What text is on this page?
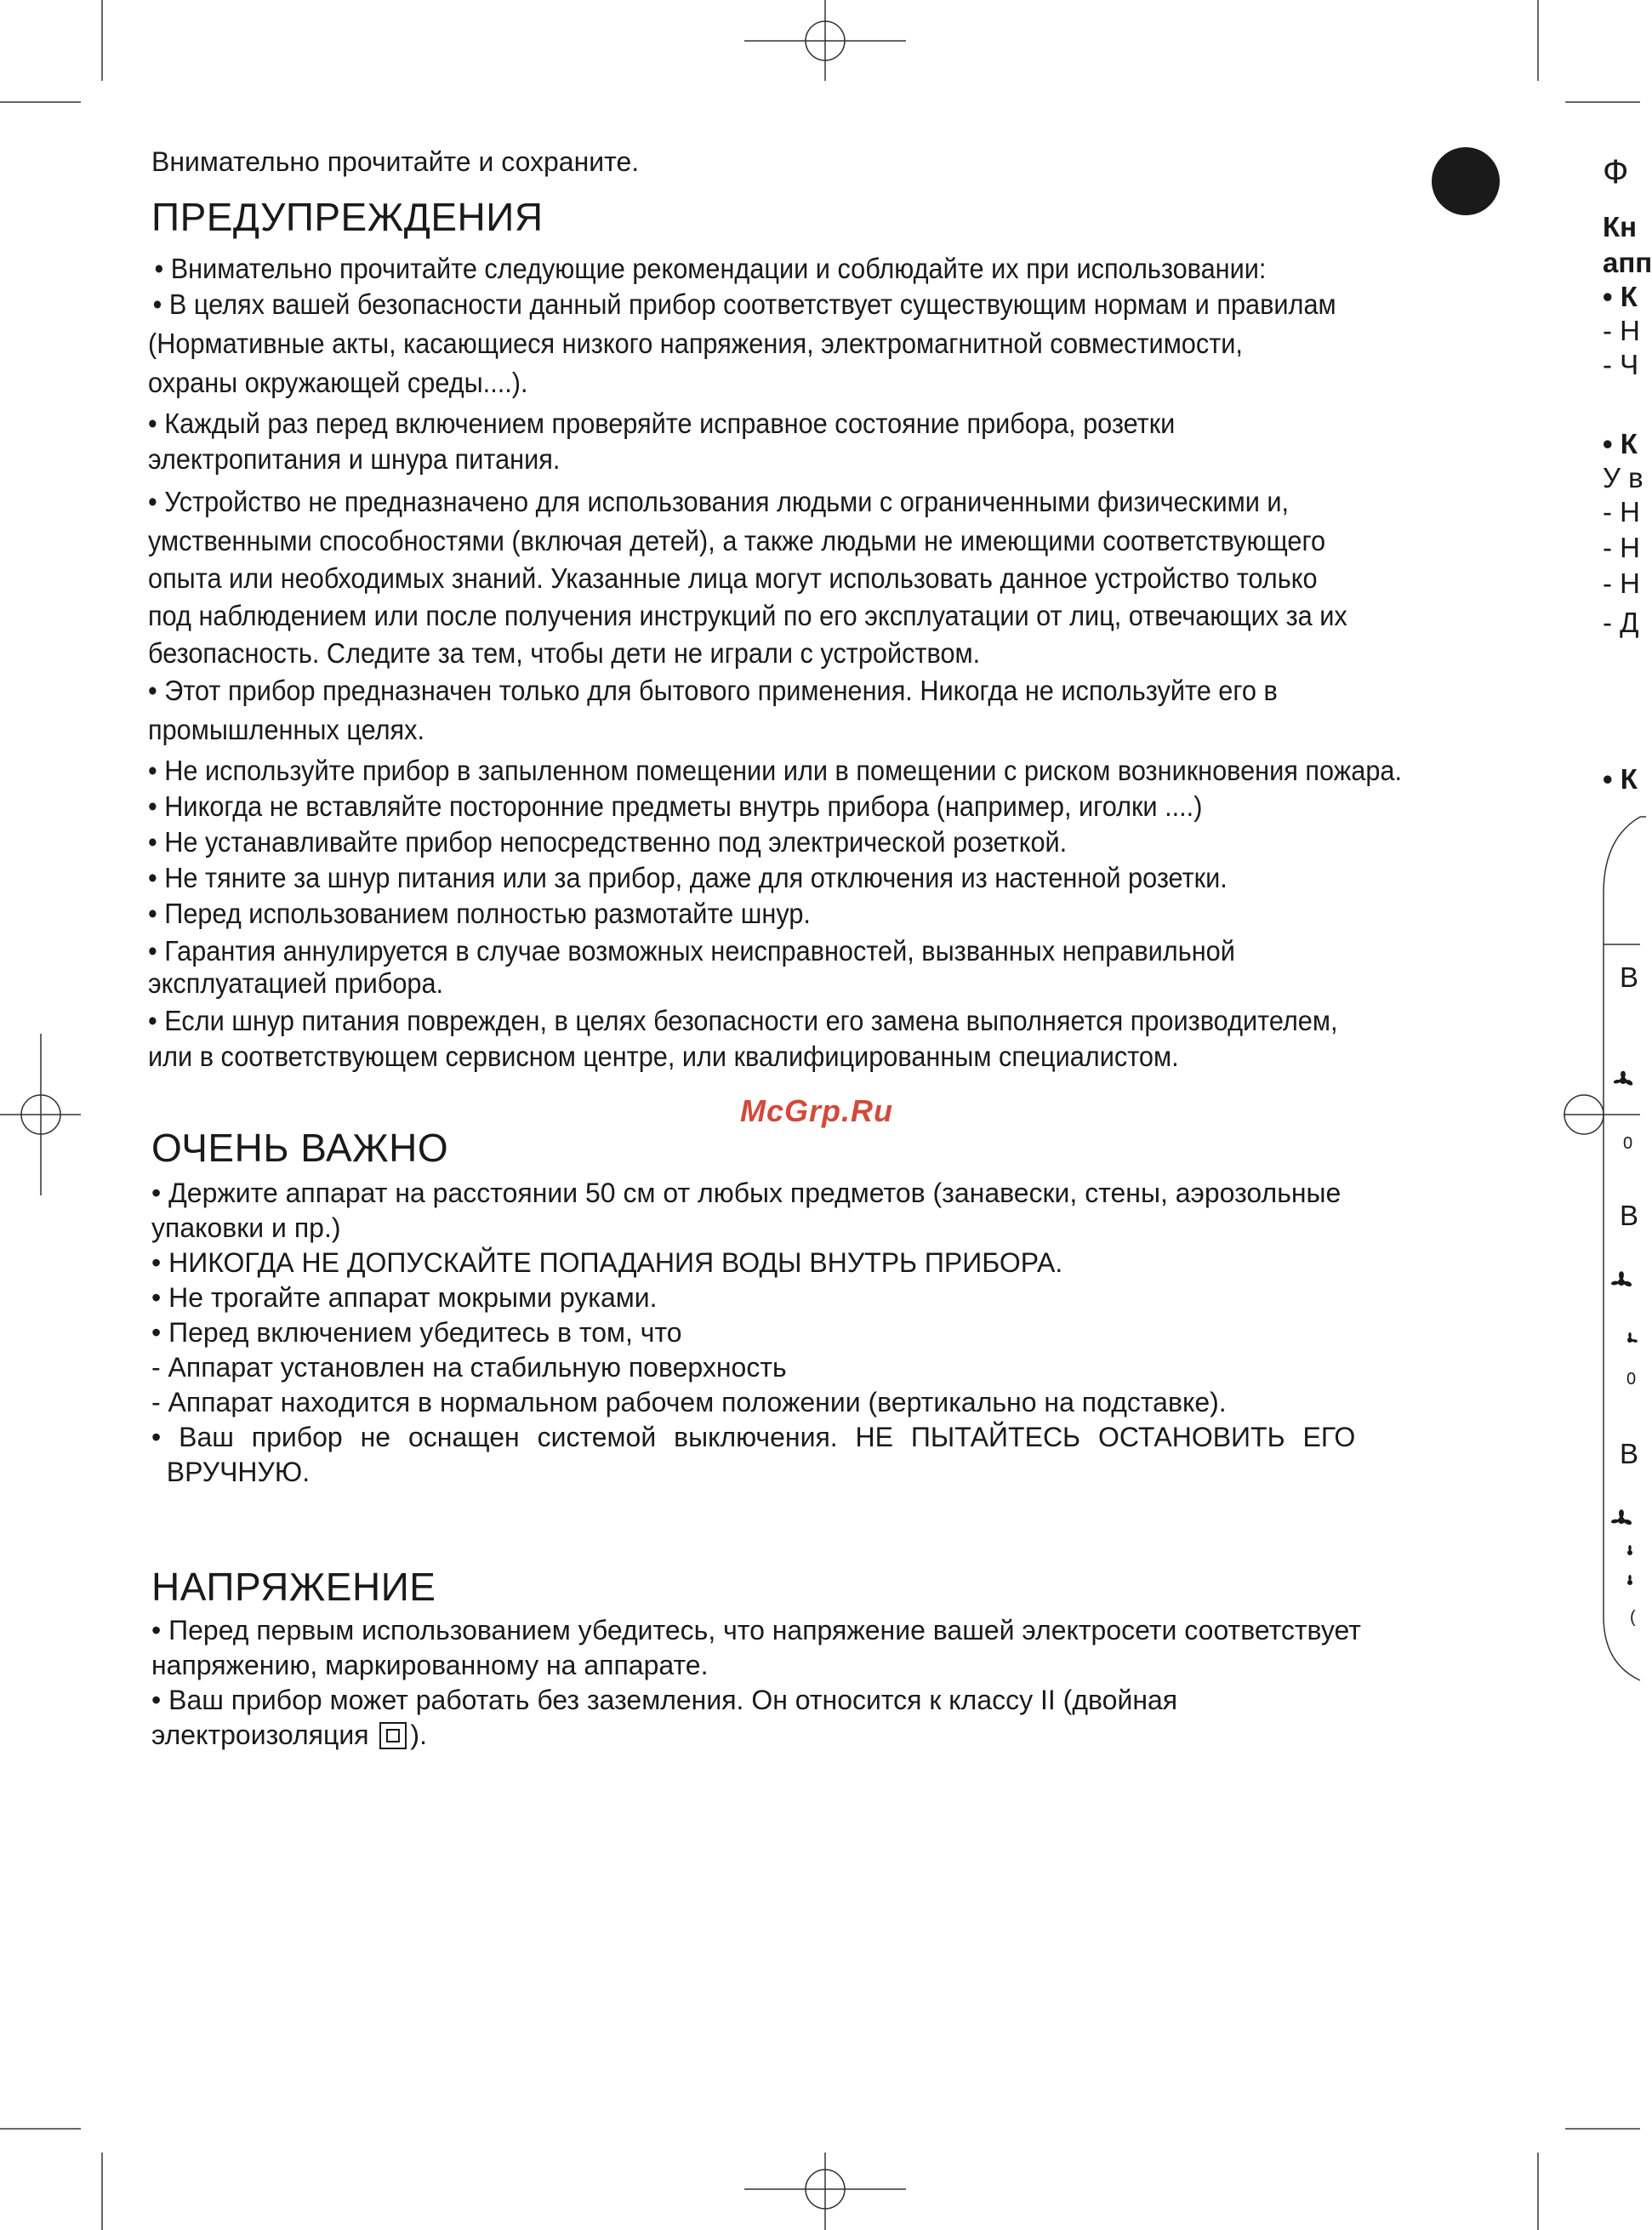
Внимательно прочитайте и сохраните.
ПРЕДУПРЕЖДЕНИЯ

• Внимательно прочитайте следующие рекомендации и соблюдайте их при использовании:

• В целях вашей безопасности данный прибор соответствует существующим нормам и правилам

(Нормативные акты, касающиеся низкого напряжения, электромагнитной совместимости,

охраны окружающей среды....).

• Каждый раз перед включением проверяйте исправное состояние прибора, розетки

электропитания и шнура питания.

• Устройство не предназначено для использования людьми с ограниченными физическими и,

умственными способностями (включая детей), а также людьми не имеющими соответствующего

опыта или необходимых знаний. Указанные лица могут использовать данное устройство только

под наблюдением или после получения инструкций по его эксплуатации от лиц, отвечающих за их

безопасность. Следите за тем, чтобы дети не играли с устройством.

• Этот прибор предназначен только для бытового применения. Никогда не используйте его в

промышленных целях.

• Не используйте прибор в запыленном помещении или в помещении с риском возникновения пожара.

• Никогда не вставляйте посторонние предметы внутрь прибора (например, иголки ....)

• Не устанавливайте прибор непосредственно под электрической розеткой.

• Не тяните за шнур питания или за прибор, даже для отключения из настенной розетки.

• Перед использованием полностью размотайте шнур.

• Гарантия аннулируется в случае возможных неисправностей, вызванных неправильной

эксплуатацией прибора.

• Если шнур питания поврежден, в целях безопасности его замена выполняется производителем,

или в соответствующем сервисном центре, или квалифицированным специалистом.

McGrp.Ru
ОЧЕНЬ ВАЖНО

• Держите аппарат на расстоянии 50 см от любых предметов (занавески, стены, аэрозольные

упаковки и пр.)

• НИКОГДА НЕ ДОПУСКАЙТЕ ПОПАДАНИЯ ВОДЫ ВНУТРЬ ПРИБОРА.

• Не трогайте аппарат мокрыми руками.

• Перед включением убедитесь в том, что

- Аппарат установлен на стабильную поверхность

- Аппарат находится в нормальном рабочем положении (вертикально на подставке).

• Ваш прибор не оснащен системой выключения. НЕ ПЫТАЙТЕСЬ ОСТАНОВИТЬ ЕГО

ВРУЧНУЮ.

НАПРЯЖЕНИЕ

• Перед первым использованием убедитесь, что напряжение вашей электросети соответствует

напряжению, маркированному на аппарате.

• Ваш прибор может работать без заземления. Он относится к классу II (двойная

электроизоляция ).

Ф
Кн
апп
• К
- Н
- Ч
• К
У в
- Н
- Н
- Н
- Д
• К
В
0
В
0
В
(
